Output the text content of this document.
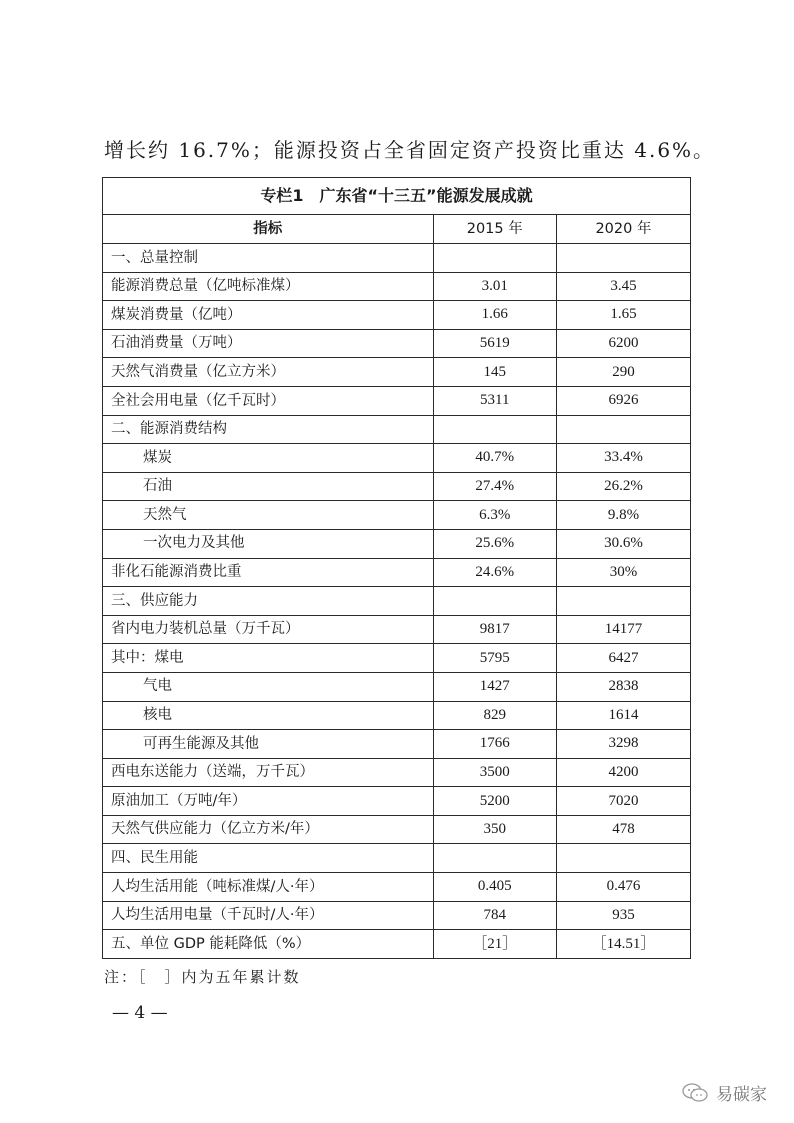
增长约 16.7%；能源投资占全省固定资产投资比重达 4.6%。
专栏1　广东省“十三五”能源发展成就		
指标	2015 年	2020 年
一、总量控制		
能源消费总量（亿吨标准煤）	3.01	3.45
煤炭消费量（亿吨）	1.66	1.65
石油消费量（万吨）	5619	6200
天然气消费量（亿立方米）	145	290
全社会用电量（亿千瓦时）	5311	6926
二、能源消费结构		
煤炭	40.7%	33.4%
石油	27.4%	26.2%
天然气	6.3%	9.8%
一次电力及其他	25.6%	30.6%
非化石能源消费比重	24.6%	30%
三、供应能力		
省内电力装机总量（万千瓦）	9817	14177
其中：煤电	5795	6427
气电	1427	2838
核电	829	1614
可再生能源及其他	1766	3298
西电东送能力（送端，万千瓦）	3500	4200
原油加工（万吨/年）	5200	7020
天然气供应能力（亿立方米/年）	350	478
四、民生用能		
人均生活用能（吨标准煤/人·年）	0.405	0.476
人均生活用电量（千瓦时/人·年）	784	935
五、单位 GDP 能耗降低（%）	［21］	［14.51］
注：［　］内为五年累计数
— 4 —
易碳家
